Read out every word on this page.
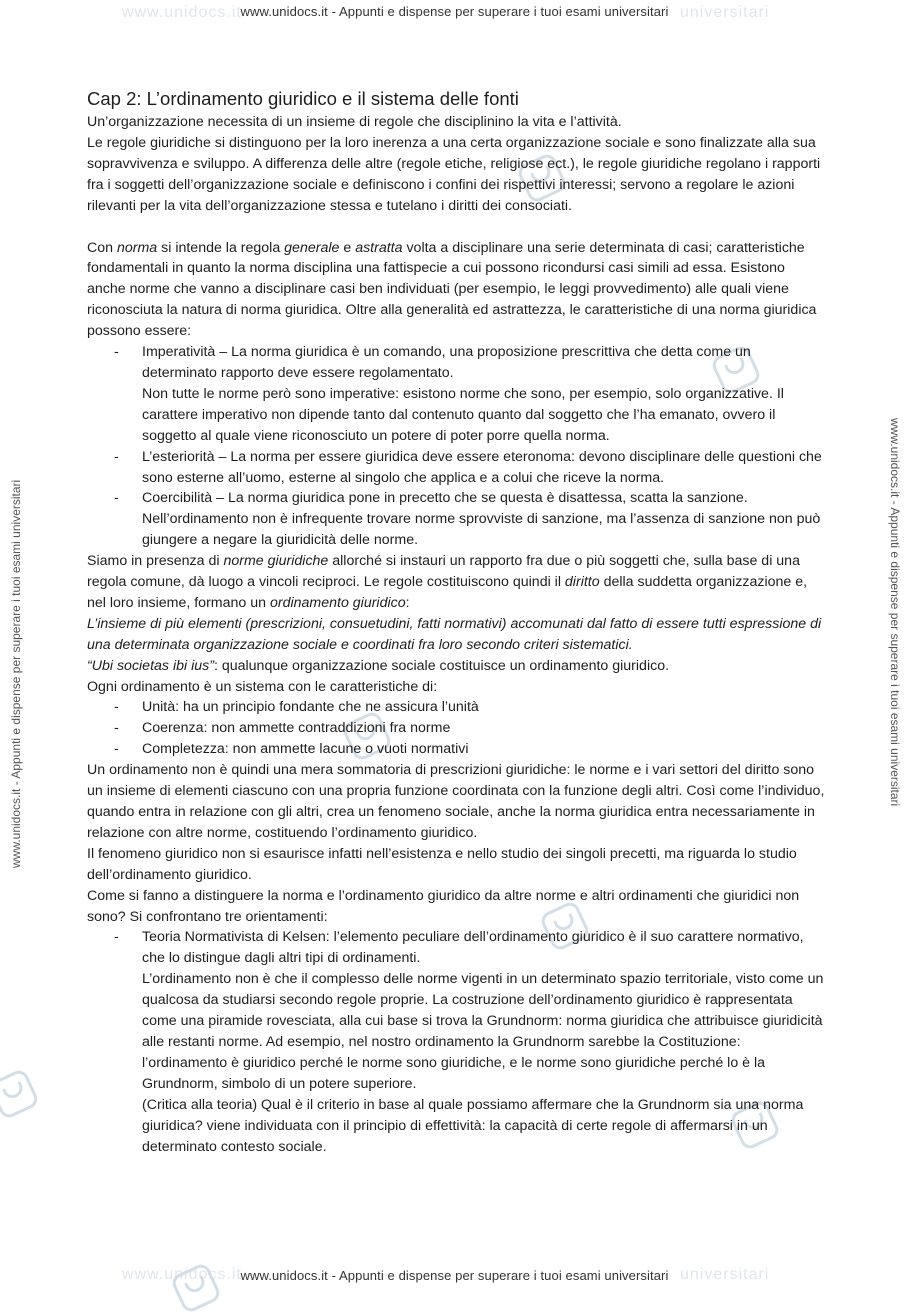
www.unidocs.it	universitari
www.unidocs.it - Appunti e dispense per superare i tuoi esami universitari
www.unidocs.it	universitari
www.unidocs.it - Appunti e dispense per superare i tuoi esami universitari
www.unidocs.it - Appunti e dispense per superare i tuoi esami universitari	www.unidocs.it - Appunti e dispense per superare i tuoi esami universitari
Cap 2: L’ordinamento giuridico e il sistema delle fonti

Un’organizzazione necessita di un insieme di regole che disciplinino la vita e l’attività.

Le regole giuridiche si distinguono per la loro inerenza a una certa organizzazione sociale e sono finalizzate alla sua sopravvivenza e sviluppo. A differenza delle altre (regole etiche, religiose ect.), le regole giuridiche regolano i rapporti fra i soggetti dell’organizzazione sociale e definiscono i confini dei rispettivi interessi; servono a regolare le azioni rilevanti per la vita dell’organizzazione stessa e tutelano i diritti dei consociati.

Con norma si intende la regola generale e astratta volta a disciplinare una serie determinata di casi; caratteristiche fondamentali in quanto la norma disciplina una fattispecie a cui possono ricondursi casi simili ad essa. Esistono anche norme che vanno a disciplinare casi ben individuati (per esempio, le leggi provvedimento) alle quali viene riconosciuta la natura di norma giuridica. Oltre alla generalità ed astrattezza, le caratteristiche di una norma giuridica possono essere:

- Imperatività – La norma giuridica è un comando, una proposizione prescrittiva che detta come un determinato rapporto deve essere regolamentato.
Non tutte le norme però sono imperative: esistono norme che sono, per esempio, solo organizzative. Il carattere imperativo non dipende tanto dal contenuto quanto dal soggetto che l’ha emanato, ovvero il soggetto al quale viene riconosciuto un potere di poter porre quella norma.
- L’esteriorità – La norma per essere giuridica deve essere eteronoma: devono disciplinare delle questioni che sono esterne all’uomo, esterne al singolo che applica e a colui che riceve la norma.
- Coercibilità – La norma giuridica pone in precetto che se questa è disattessa, scatta la sanzione.
Nell’ordinamento non è infrequente trovare norme sprovviste di sanzione, ma l’assenza di sanzione non può giungere a negare la giuridicità delle norme.

Siamo in presenza di norme giuridiche allorché si instauri un rapporto fra due o più soggetti che, sulla base di una regola comune, dà luogo a vincoli reciproci. Le regole costituiscono quindi il diritto della suddetta organizzazione e, nel loro insieme, formano un ordinamento giuridico:

L’insieme di più elementi (prescrizioni, consuetudini, fatti normativi) accomunati dal fatto di essere tutti espressione di una determinata organizzazione sociale e coordinati fra loro secondo criteri sistematici.

“Ubi societas ibi ius”: qualunque organizzazione sociale costituisce un ordinamento giuridico.

Ogni ordinamento è un sistema con le caratteristiche di:

- Unità: ha un principio fondante che ne assicura l’unità
- Coerenza: non ammette contraddizioni fra norme
- Completezza: non ammette lacune o vuoti normativi

Un ordinamento non è quindi una mera sommatoria di prescrizioni giuridiche: le norme e i vari settori del diritto sono un insieme di elementi ciascuno con una propria funzione coordinata con la funzione degli altri. Così come l’individuo, quando entra in relazione con gli altri, crea un fenomeno sociale, anche la norma giuridica entra necessariamente in relazione con altre norme, costituendo l’ordinamento giuridico.

Il fenomeno giuridico non si esaurisce infatti nell’esistenza e nello studio dei singoli precetti, ma riguarda lo studio dell’ordinamento giuridico.

Come si fanno a distinguere la norma e l’ordinamento giuridico da altre norme e altri ordinamenti che giuridici non sono? Si confrontano tre orientamenti:

- Teoria Normativista di Kelsen: l’elemento peculiare dell’ordinamento giuridico è il suo carattere normativo, che lo distingue dagli altri tipi di ordinamenti.
L’ordinamento non è che il complesso delle norme vigenti in un determinato spazio territoriale, visto come un qualcosa da studiarsi secondo regole proprie. La costruzione dell’ordinamento giuridico è rappresentata come una piramide rovesciata, alla cui base si trova la Grundnorm: norma giuridica che attribuisce giuridicità alle restanti norme. Ad esempio, nel nostro ordinamento la Grundnorm sarebbe la Costituzione: l’ordinamento è giuridico perché le norme sono giuridiche, e le norme sono giuridiche perché lo è la Grundnorm, simbolo di un potere superiore.
(Critica alla teoria) Qual è il criterio in base al quale possiamo affermare che la Grundnorm sia una norma giuridica? viene individuata con il principio di effettività: la capacità di certe regole di affermarsi in un determinato contesto sociale.
